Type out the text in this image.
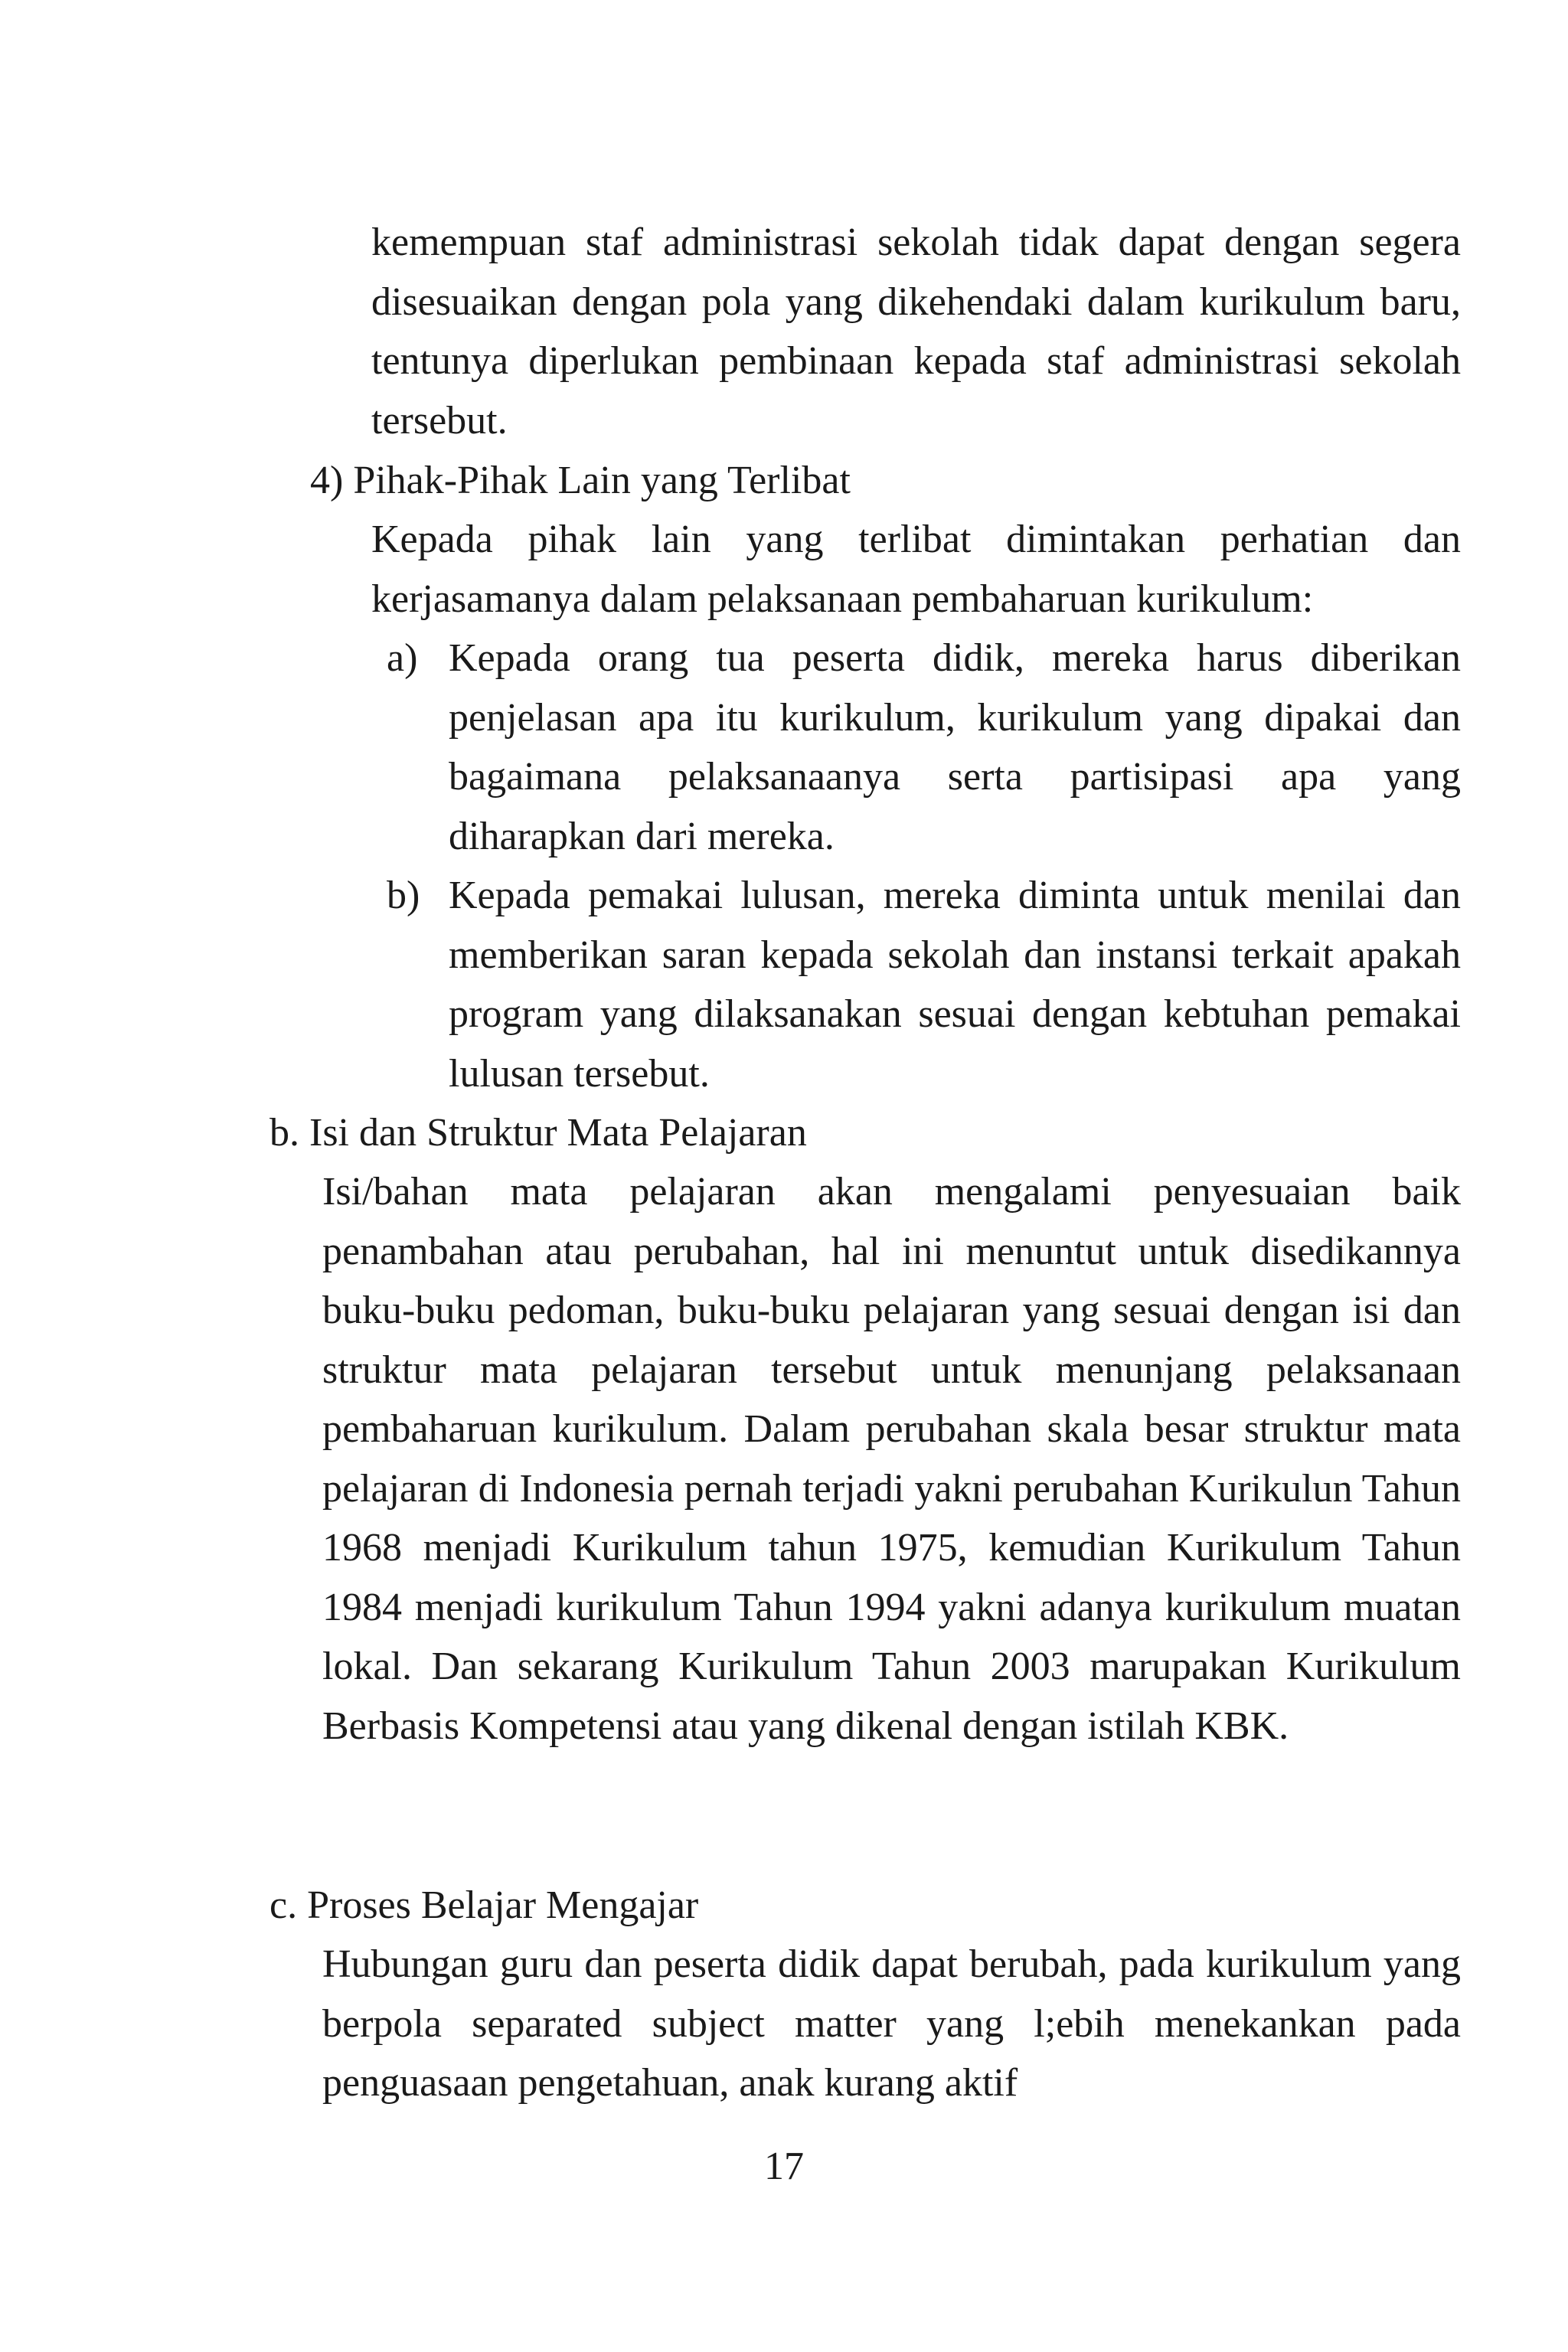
kemempuan staf administrasi sekolah tidak dapat dengan segera disesuaikan dengan pola yang dikehendaki dalam kurikulum baru, tentunya diperlukan pembinaan kepada staf administrasi sekolah tersebut.
4) Pihak-Pihak Lain yang Terlibat
Kepada pihak lain yang terlibat dimintakan perhatian dan kerjasamanya dalam pelaksanaan pembaharuan kurikulum:
a) Kepada orang tua peserta didik, mereka harus diberikan penjelasan apa itu kurikulum, kurikulum yang dipakai dan bagaimana pelaksanaanya serta partisipasi apa yang diharapkan dari mereka.
b) Kepada pemakai lulusan, mereka diminta untuk menilai dan memberikan saran kepada sekolah dan instansi terkait apakah program yang dilaksanakan sesuai dengan kebtuhan pemakai lulusan tersebut.
b. Isi dan Struktur Mata Pelajaran
Isi/bahan mata pelajaran akan mengalami penyesuaian baik penambahan atau perubahan, hal ini menuntut untuk disedikannya buku-buku pedoman, buku-buku pelajaran yang sesuai dengan isi dan struktur mata pelajaran tersebut untuk menunjang pelaksanaan pembaharuan kurikulum. Dalam perubahan skala besar struktur mata pelajaran di Indonesia pernah terjadi yakni perubahan Kurikulun Tahun 1968 menjadi Kurikulum tahun 1975, kemudian Kurikulum Tahun 1984 menjadi kurikulum Tahun 1994 yakni adanya kurikulum muatan lokal. Dan sekarang Kurikulum Tahun 2003 marupakan Kurikulum Berbasis Kompetensi atau yang dikenal dengan istilah KBK.
c. Proses Belajar Mengajar
Hubungan guru dan peserta didik dapat berubah, pada kurikulum yang berpola separated subject matter yang l;ebih menekankan pada penguasaan pengetahuan, anak kurang aktif
17
